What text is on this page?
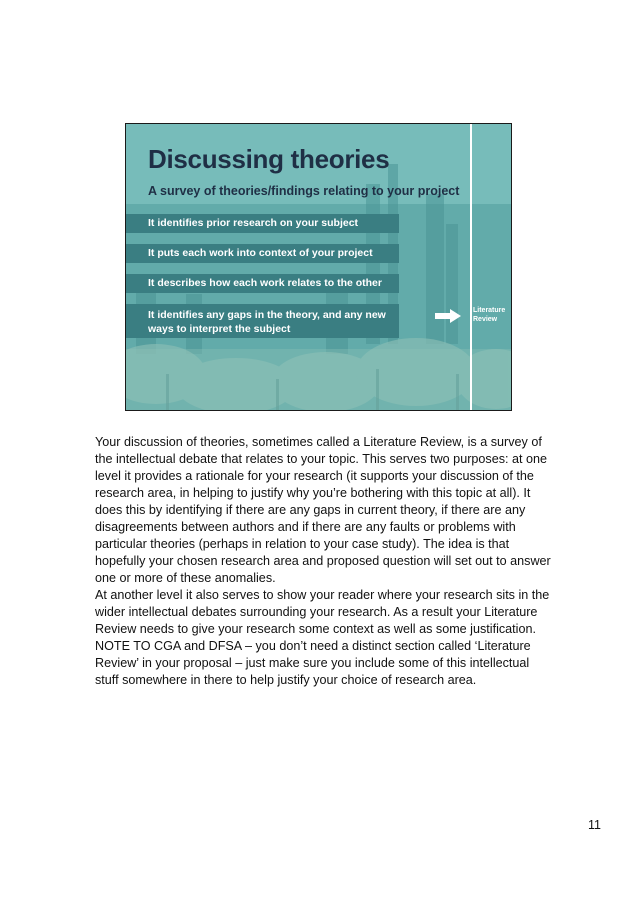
Discussing theories
A survey of theories/findings relating to your project
It identifies prior research on your subject
It puts each work into context of your project
It describes how each work relates to the other
It identifies any gaps in the theory, and any new ways to interpret the subject
Literature Review

Your discussion of theories, sometimes called a Literature Review, is a survey of the intellectual debate that relates to your topic. This serves two purposes: at one level it provides a rationale for your research (it supports your discussion of the research area, in helping to justify why you’re bothering with this topic at all). It does this by identifying if there are any gaps in current theory, if there are any disagreements between authors and if there are any faults or problems with particular theories (perhaps in relation to your case study). The idea is that hopefully your chosen research area and proposed question will set out to answer one or more of these anomalies.

At another level it also serves to show your reader where your research sits in the wider intellectual debates surrounding your research. As a result your Literature Review needs to give your research some context as well as some justification.

NOTE TO CGA and DFSA – you don’t need a distinct section called ‘Literature Review’ in your proposal – just make sure you include some of this intellectual stuff somewhere in there to help justify your choice of research area.

11
